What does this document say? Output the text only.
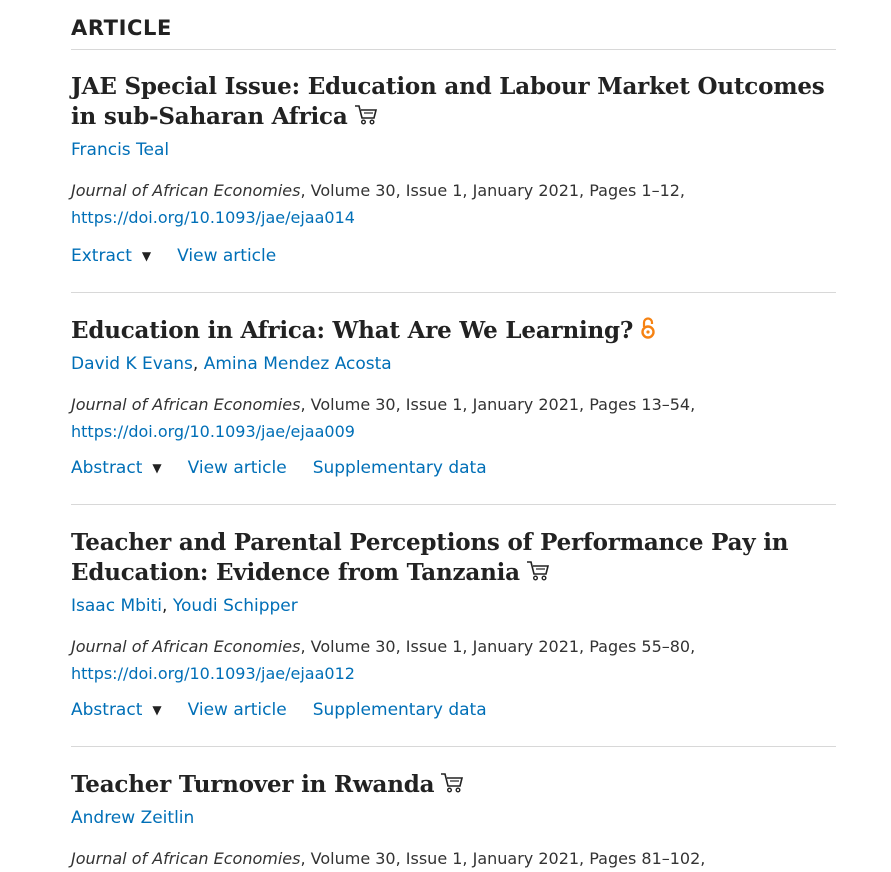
ARTICLE
JAE Special Issue: Education and Labour Market Outcomes in sub-Saharan Africa
Francis Teal
Journal of African Economies, Volume 30, Issue 1, January 2021, Pages 1–12,
https://doi.org/10.1093/jae/ejaa014
Extract ▼ View article
Education in Africa: What Are We Learning?
David K Evans, Amina Mendez Acosta
Journal of African Economies, Volume 30, Issue 1, January 2021, Pages 13–54,
https://doi.org/10.1093/jae/ejaa009
Abstract ▼ View article Supplementary data
Teacher and Parental Perceptions of Performance Pay in Education: Evidence from Tanzania
Isaac Mbiti, Youdi Schipper
Journal of African Economies, Volume 30, Issue 1, January 2021, Pages 55–80,
https://doi.org/10.1093/jae/ejaa012
Abstract ▼ View article Supplementary data
Teacher Turnover in Rwanda
Andrew Zeitlin
Journal of African Economies, Volume 30, Issue 1, January 2021, Pages 81–102,
